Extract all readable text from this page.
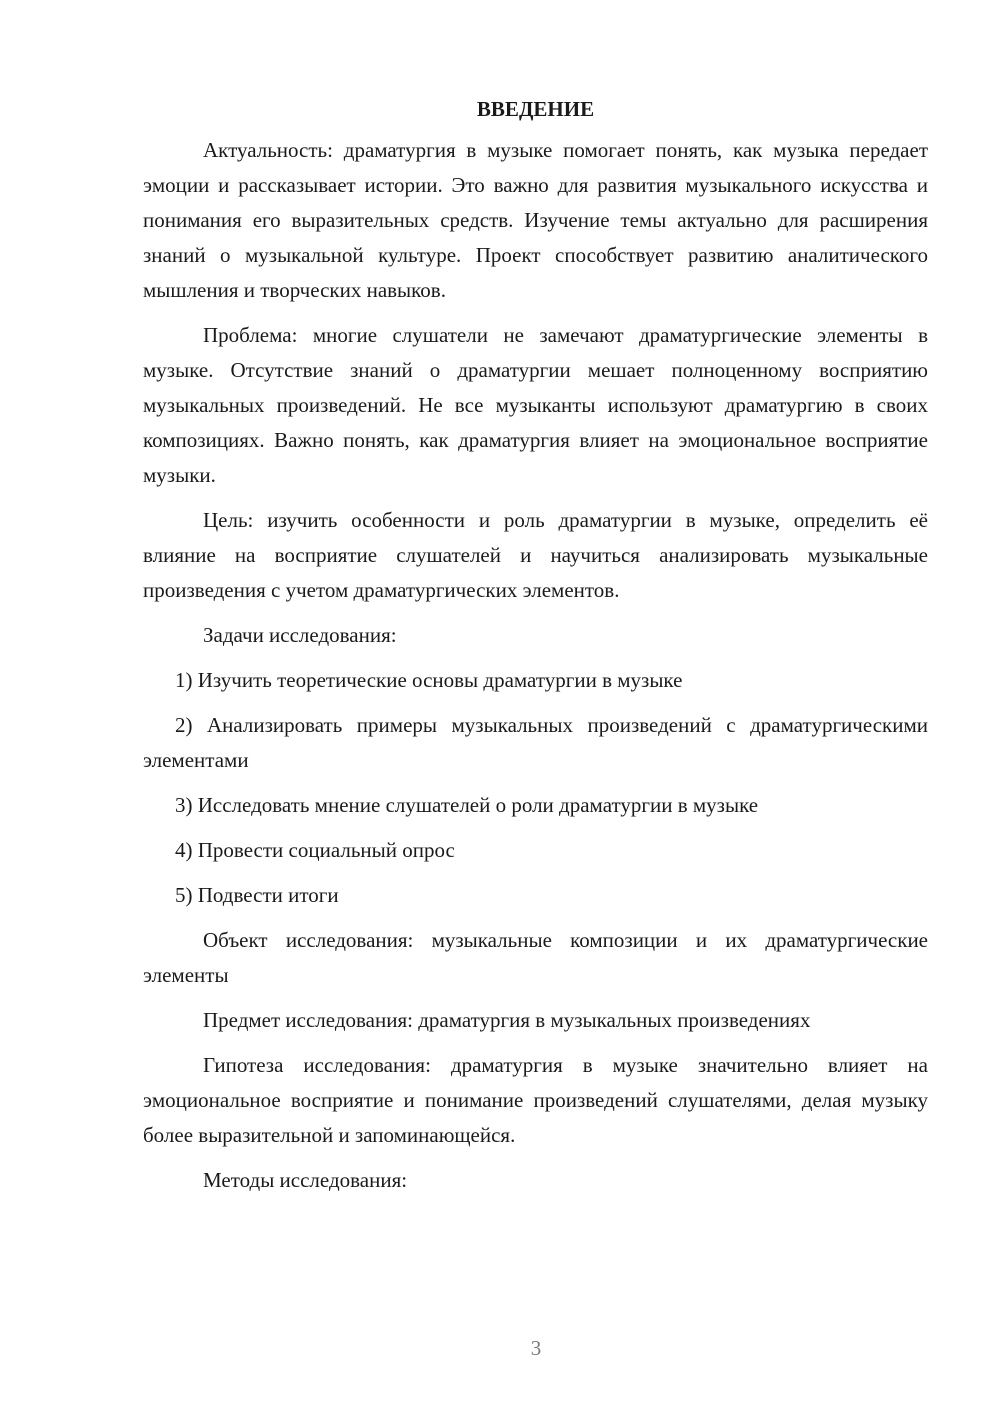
ВВЕДЕНИЕ

Актуальность: драматургия в музыке помогает понять, как музыка передает эмоции и рассказывает истории. Это важно для развития музыкального искусства и понимания его выразительных средств. Изучение темы актуально для расширения знаний о музыкальной культуре. Проект способствует развитию аналитического мышления и творческих навыков.

Проблема: многие слушатели не замечают драматургические элементы в музыке. Отсутствие знаний о драматургии мешает полноценному восприятию музыкальных произведений. Не все музыканты используют драматургию в своих композициях. Важно понять, как драматургия влияет на эмоциональное восприятие музыки.

Цель: изучить особенности и роль драматургии в музыке, определить её влияние на восприятие слушателей и научиться анализировать музыкальные произведения с учетом драматургических элементов.

Задачи исследования:

1) Изучить теоретические основы драматургии в музыке

2) Анализировать примеры музыкальных произведений с драматургическими элементами

3) Исследовать мнение слушателей о роли драматургии в музыке

4) Провести социальный опрос

5) Подвести итоги

Объект исследования: музыкальные композиции и их драматургические элементы

Предмет исследования: драматургия в музыкальных произведениях

Гипотеза исследования: драматургия в музыке значительно влияет на эмоциональное восприятие и понимание произведений слушателями, делая музыку более выразительной и запоминающейся.

Методы исследования:

3
